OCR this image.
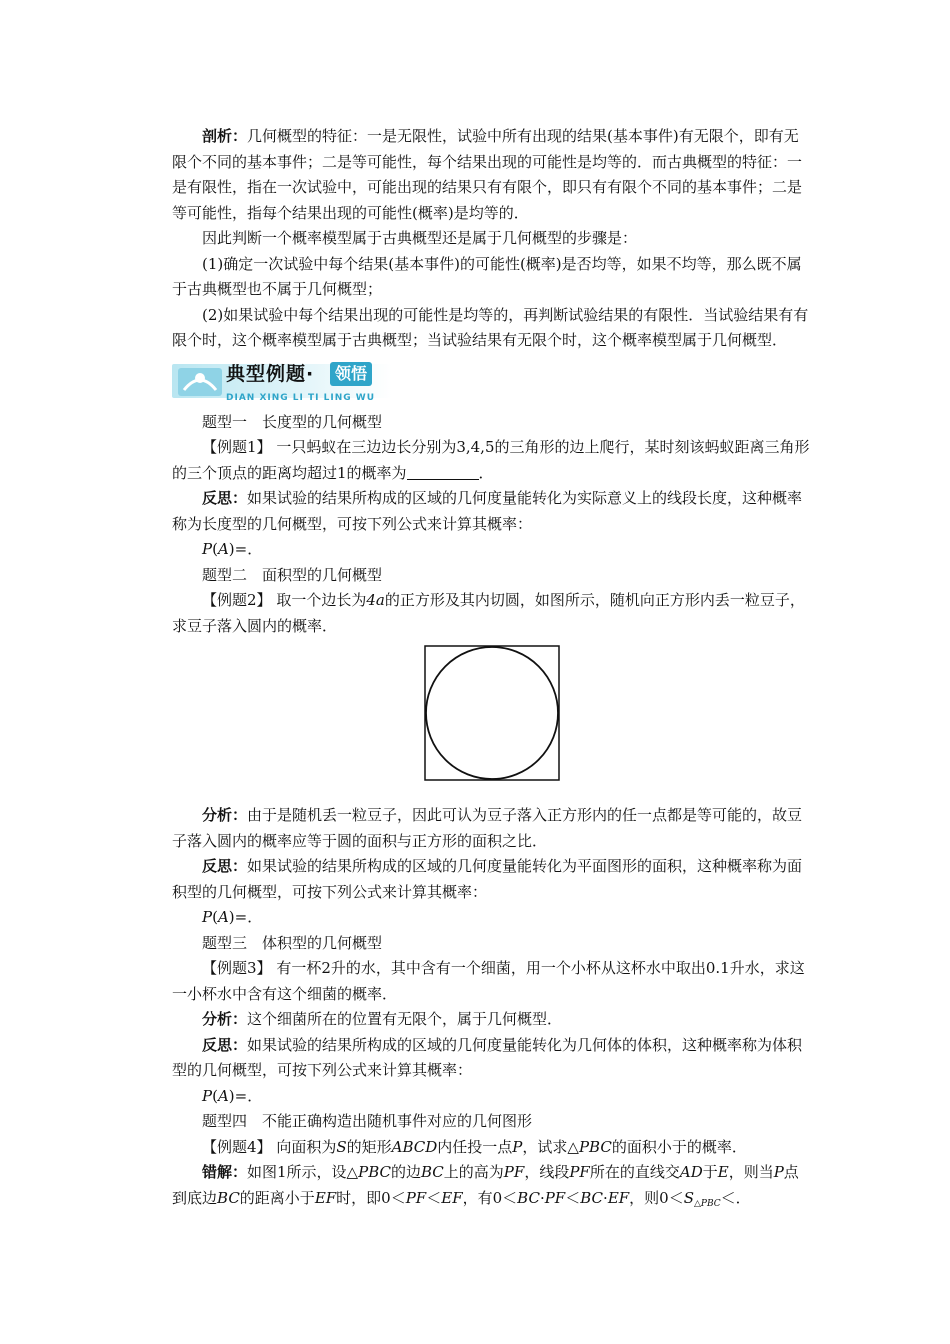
剖析：几何概型的特征：一是无限性，试验中所有出现的结果(基本事件)有无限个，即有无限个不同的基本事件；二是等可能性，每个结果出现的可能性是均等的．而古典概型的特征：一是有限性，指在一次试验中，可能出现的结果只有有限个，即只有有限个不同的基本事件；二是等可能性，指每个结果出现的可能性(概率)是均等的．

因此判断一个概率模型属于古典概型还是属于几何概型的步骤是：

(1)确定一次试验中每个结果(基本事件)的可能性(概率)是否均等，如果不均等，那么既不属于古典概型也不属于几何概型；

(2)如果试验中每个结果出现的可能性是均等的，再判断试验结果的有限性．当试验结果有有限个时，这个概率模型属于古典概型；当试验结果有无限个时，这个概率模型属于几何概型．

典型例题·	领悟
DIAN XING LI TI LING WU

题型一　长度型的几何概型

【例题1】 一只蚂蚁在三边边长分别为3,4,5的三角形的边上爬行，某时刻该蚂蚁距离三角形的三个顶点的距离均超过1的概率为	．

反思：如果试验的结果所构成的区域的几何度量能转化为实际意义上的线段长度，这种概率称为长度型的几何概型，可按下列公式来计算其概率：

P(A)=．

题型二　面积型的几何概型

【例题2】 取一个边长为4a的正方形及其内切圆，如图所示，随机向正方形内丢一粒豆子，求豆子落入圆内的概率．

分析：由于是随机丢一粒豆子，因此可认为豆子落入正方形内的任一点都是等可能的，故豆子落入圆内的概率应等于圆的面积与正方形的面积之比．

反思：如果试验的结果所构成的区域的几何度量能转化为平面图形的面积，这种概率称为面积型的几何概型，可按下列公式来计算其概率：

P(A)=．

题型三　体积型的几何概型

【例题3】 有一杯2升的水，其中含有一个细菌，用一个小杯从这杯水中取出0.1升水，求这一小杯水中含有这个细菌的概率．

分析：这个细菌所在的位置有无限个，属于几何概型．

反思：如果试验的结果所构成的区域的几何度量能转化为几何体的体积，这种概率称为体积型的几何概型，可按下列公式来计算其概率：

P(A)=．

题型四　不能正确构造出随机事件对应的几何图形

【例题4】 向面积为S的矩形ABCD内任投一点P，试求△PBC的面积小于的概率．

错解：如图1所示，设△PBC的边BC上的高为PF，线段PF所在的直线交AD于E，则当P点到底边BC的距离小于EF时，即0＜PF＜EF，有0＜BC·PF＜BC·EF，则$0<S_{\triangle PBC}<$．
